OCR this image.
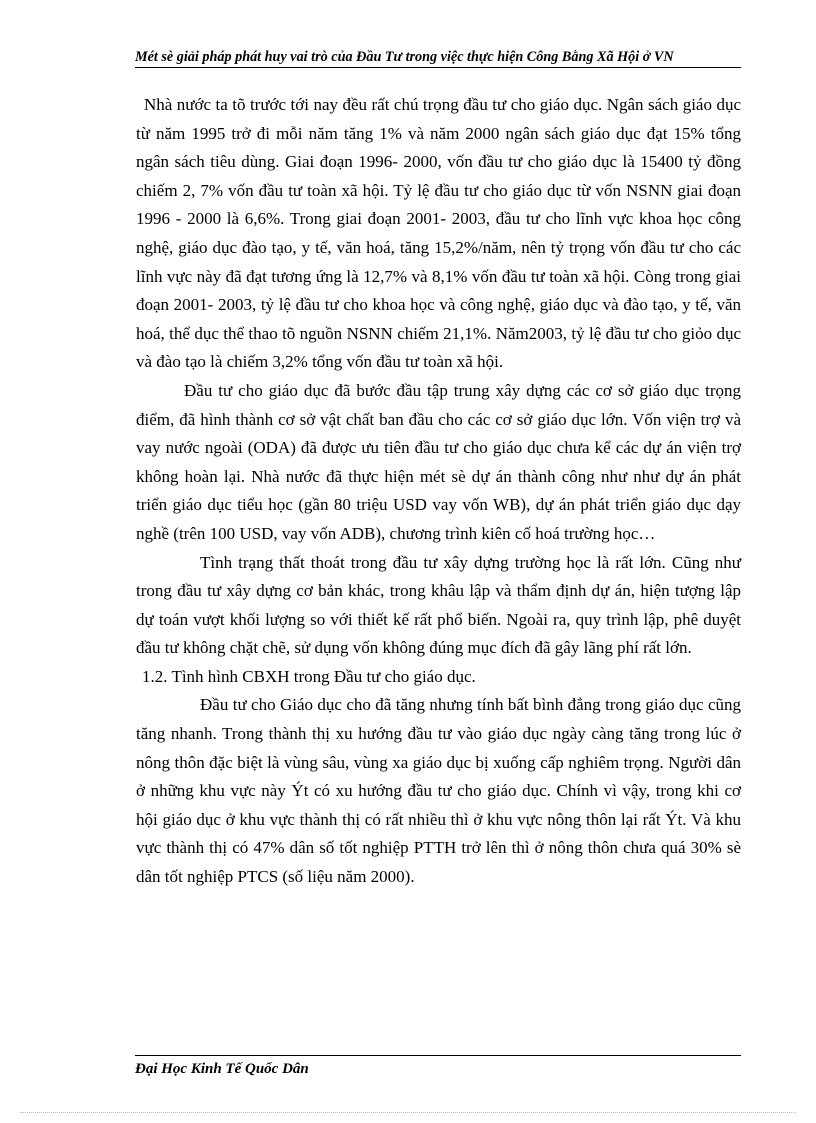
Mét sè giải pháp phát huy vai trò của Đầu Tư trong việc thực hiện Công Bằng Xã Hội ở VN

Nhà nước ta tõ trước tới nay đều rất chú trọng đầu tư cho giáo dục. Ngân sách giáo dục từ năm 1995 trở đi mỗi năm tăng 1% và năm 2000 ngân sách giáo dục đạt 15% tổng ngân sách tiêu dùng. Giai đoạn 1996- 2000, vốn đầu tư cho giáo dục là 15400 tỷ đồng chiếm 2, 7% vốn đầu tư toàn xã hội. Tỷ lệ đầu tư cho giáo dục từ vốn NSNN giai đoạn 1996 - 2000 là 6,6%. Trong giai đoạn 2001- 2003, đầu tư cho lĩnh vực khoa học công nghệ, giáo dục đào tạo, y tế, văn hoá, tăng 15,2%/năm, nên tỷ trọng vốn đầu tư cho các lĩnh vực này đã đạt tương ứng là 12,7% và 8,1% vốn đầu tư toàn xã hội. Còng trong giai đoạn 2001- 2003, tỷ lệ đầu tư cho khoa học và công nghệ, giáo dục và đào tạo, y tế, văn hoá, thể dục thể thao tõ nguồn NSNN chiếm 21,1%. Năm2003, tỷ lệ đầu tư cho giỏo dục và đào tạo là chiếm 3,2% tổng vốn đầu tư toàn xã hội.

Đầu tư cho giáo dục đã bước đầu tập trung xây dựng các cơ sở giáo dục trọng điểm, đã hình thành cơ sở vật chất ban đầu cho các cơ sở giáo dục lớn. Vốn viện trợ và vay nước ngoài (ODA) đã được ưu tiên đầu tư cho giáo dục chưa kể các dự án viện trợ không hoàn lại. Nhà nước đã thực hiện mét sè dự án thành công như như dự án phát triển giáo dục tiểu học (gần 80 triệu USD vay vốn WB), dự án phát triển giáo dục dạy nghề (trên 100 USD, vay vốn ADB), chương trình kiên cố hoá trường học…

Tình trạng thất thoát trong đầu tư xây dựng trường học là rất lớn. Cũng như trong đầu tư xây dựng cơ bản khác, trong khâu lập và thẩm định dự án, hiện tượng lập dự toán vượt khối lượng so với thiết kế rất phổ biến. Ngoài ra, quy trình lập, phê duyệt đầu tư không chặt chẽ, sử dụng vốn không đúng mục đích đã gây lãng phí rất lớn.

1.2. Tình hình CBXH trong Đầu tư cho giáo dục.

Đầu tư cho Giáo dục cho đã tăng nhưng tính bất bình đẳng trong giáo dục cũng tăng nhanh. Trong thành thị xu hướng đầu tư vào giáo dục ngày càng tăng trong lúc ở nông thôn đặc biệt là vùng sâu, vùng xa giáo dục bị xuống cấp nghiêm trọng. Người dân ở những khu vực này Ýt có xu hướng đầu tư cho giáo dục. Chính vì vậy, trong khi cơ hội giáo dục ở khu vực thành thị có rất nhiều thì ở khu vực nông thôn lại rất Ýt. Và khu vực thành thị có 47% dân số tốt nghiệp PTTH trở lên thì ở nông thôn chưa quá 30% sè dân tốt nghiệp PTCS (số liệu năm 2000).

Đại Học Kinh Tế Quốc Dân
